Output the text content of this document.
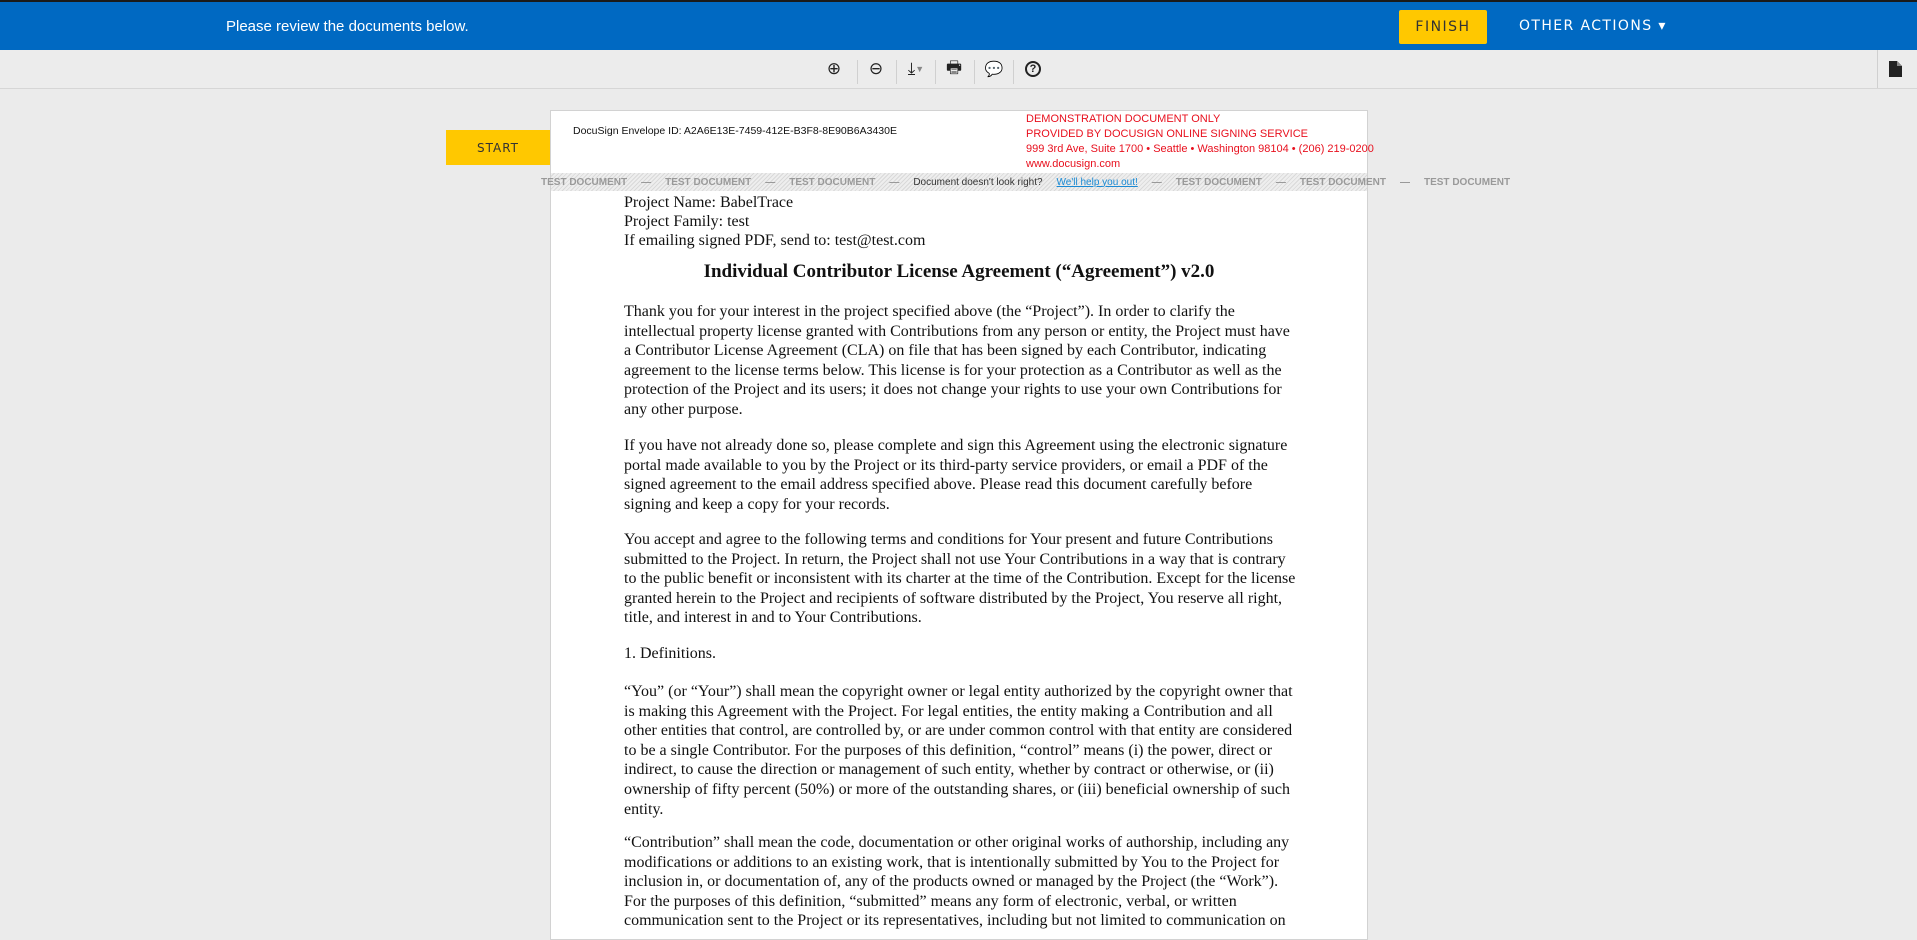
Please review the documents below.	FINISH	OTHER ACTIONS ▾
⊕	⊖	⤓ ▼	🖶	💬	?
START
DocuSign Envelope ID: A2A6E13E-7459-412E-B3F8-8E90B6A3430E
DEMONSTRATION DOCUMENT ONLY
PROVIDED BY DOCUSIGN ONLINE SIGNING SERVICE
999 3rd Ave, Suite 1700 • Seattle • Washington 98104 • (206) 219-0200
www.docusign.com
TEST DOCUMENT — TEST DOCUMENT — TEST DOCUMENT — Document doesn't look right? We'll help you out! — TEST DOCUMENT — TEST DOCUMENT — TEST DOCUMENT
Project Name: BabelTrace
Project Family: test
If emailing signed PDF, send to: test@test.com
Individual Contributor License Agreement (“Agreement”) v2.0
Thank you for your interest in the project specified above (the “Project”). In order to clarify the
intellectual property license granted with Contributions from any person or entity, the Project must have
a Contributor License Agreement (CLA) on file that has been signed by each Contributor, indicating
agreement to the license terms below. This license is for your protection as a Contributor as well as the
protection of the Project and its users; it does not change your rights to use your own Contributions for
any other purpose.
If you have not already done so, please complete and sign this Agreement using the electronic signature
portal made available to you by the Project or its third-party service providers, or email a PDF of the
signed agreement to the email address specified above. Please read this document carefully before
signing and keep a copy for your records.
You accept and agree to the following terms and conditions for Your present and future Contributions
submitted to the Project. In return, the Project shall not use Your Contributions in a way that is contrary
to the public benefit or inconsistent with its charter at the time of the Contribution. Except for the license
granted herein to the Project and recipients of software distributed by the Project, You reserve all right,
title, and interest in and to Your Contributions.
1. Definitions.
“You” (or “Your”) shall mean the copyright owner or legal entity authorized by the copyright owner that
is making this Agreement with the Project. For legal entities, the entity making a Contribution and all
other entities that control, are controlled by, or are under common control with that entity are considered
to be a single Contributor. For the purposes of this definition, “control” means (i) the power, direct or
indirect, to cause the direction or management of such entity, whether by contract or otherwise, or (ii)
ownership of fifty percent (50%) or more of the outstanding shares, or (iii) beneficial ownership of such
entity.
“Contribution” shall mean the code, documentation or other original works of authorship, including any
modifications or additions to an existing work, that is intentionally submitted by You to the Project for
inclusion in, or documentation of, any of the products owned or managed by the Project (the “Work”).
For the purposes of this definition, “submitted” means any form of electronic, verbal, or written
communication sent to the Project or its representatives, including but not limited to communication on
